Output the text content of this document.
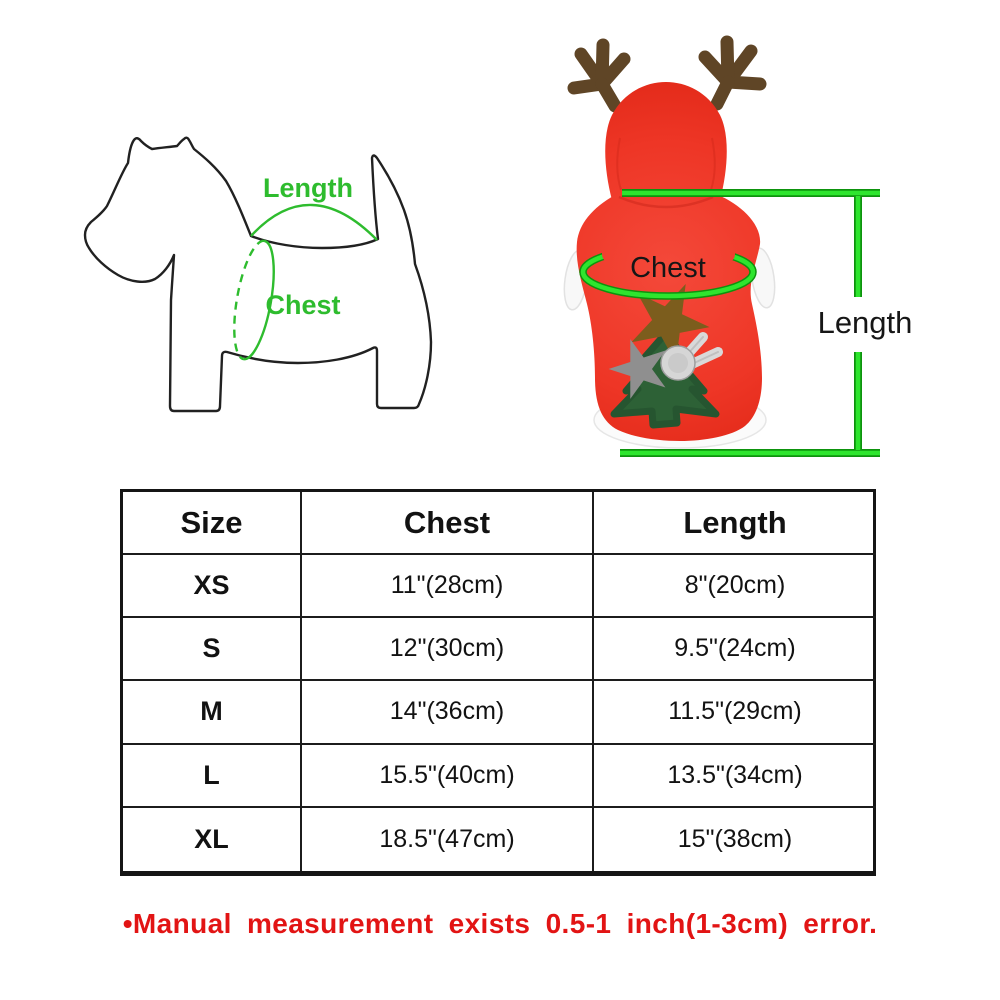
Length
Chest
Chest
Length
Size	Chest	Length
XS	11"(28cm)	8"(20cm)
S	12"(30cm)	9.5"(24cm)
M	14"(36cm)	11.5"(29cm)
L	15.5"(40cm)	13.5"(34cm)
XL	18.5"(47cm)	15"(38cm)
•Manual measurement exists 0.5-1 inch(1-3cm) error.
